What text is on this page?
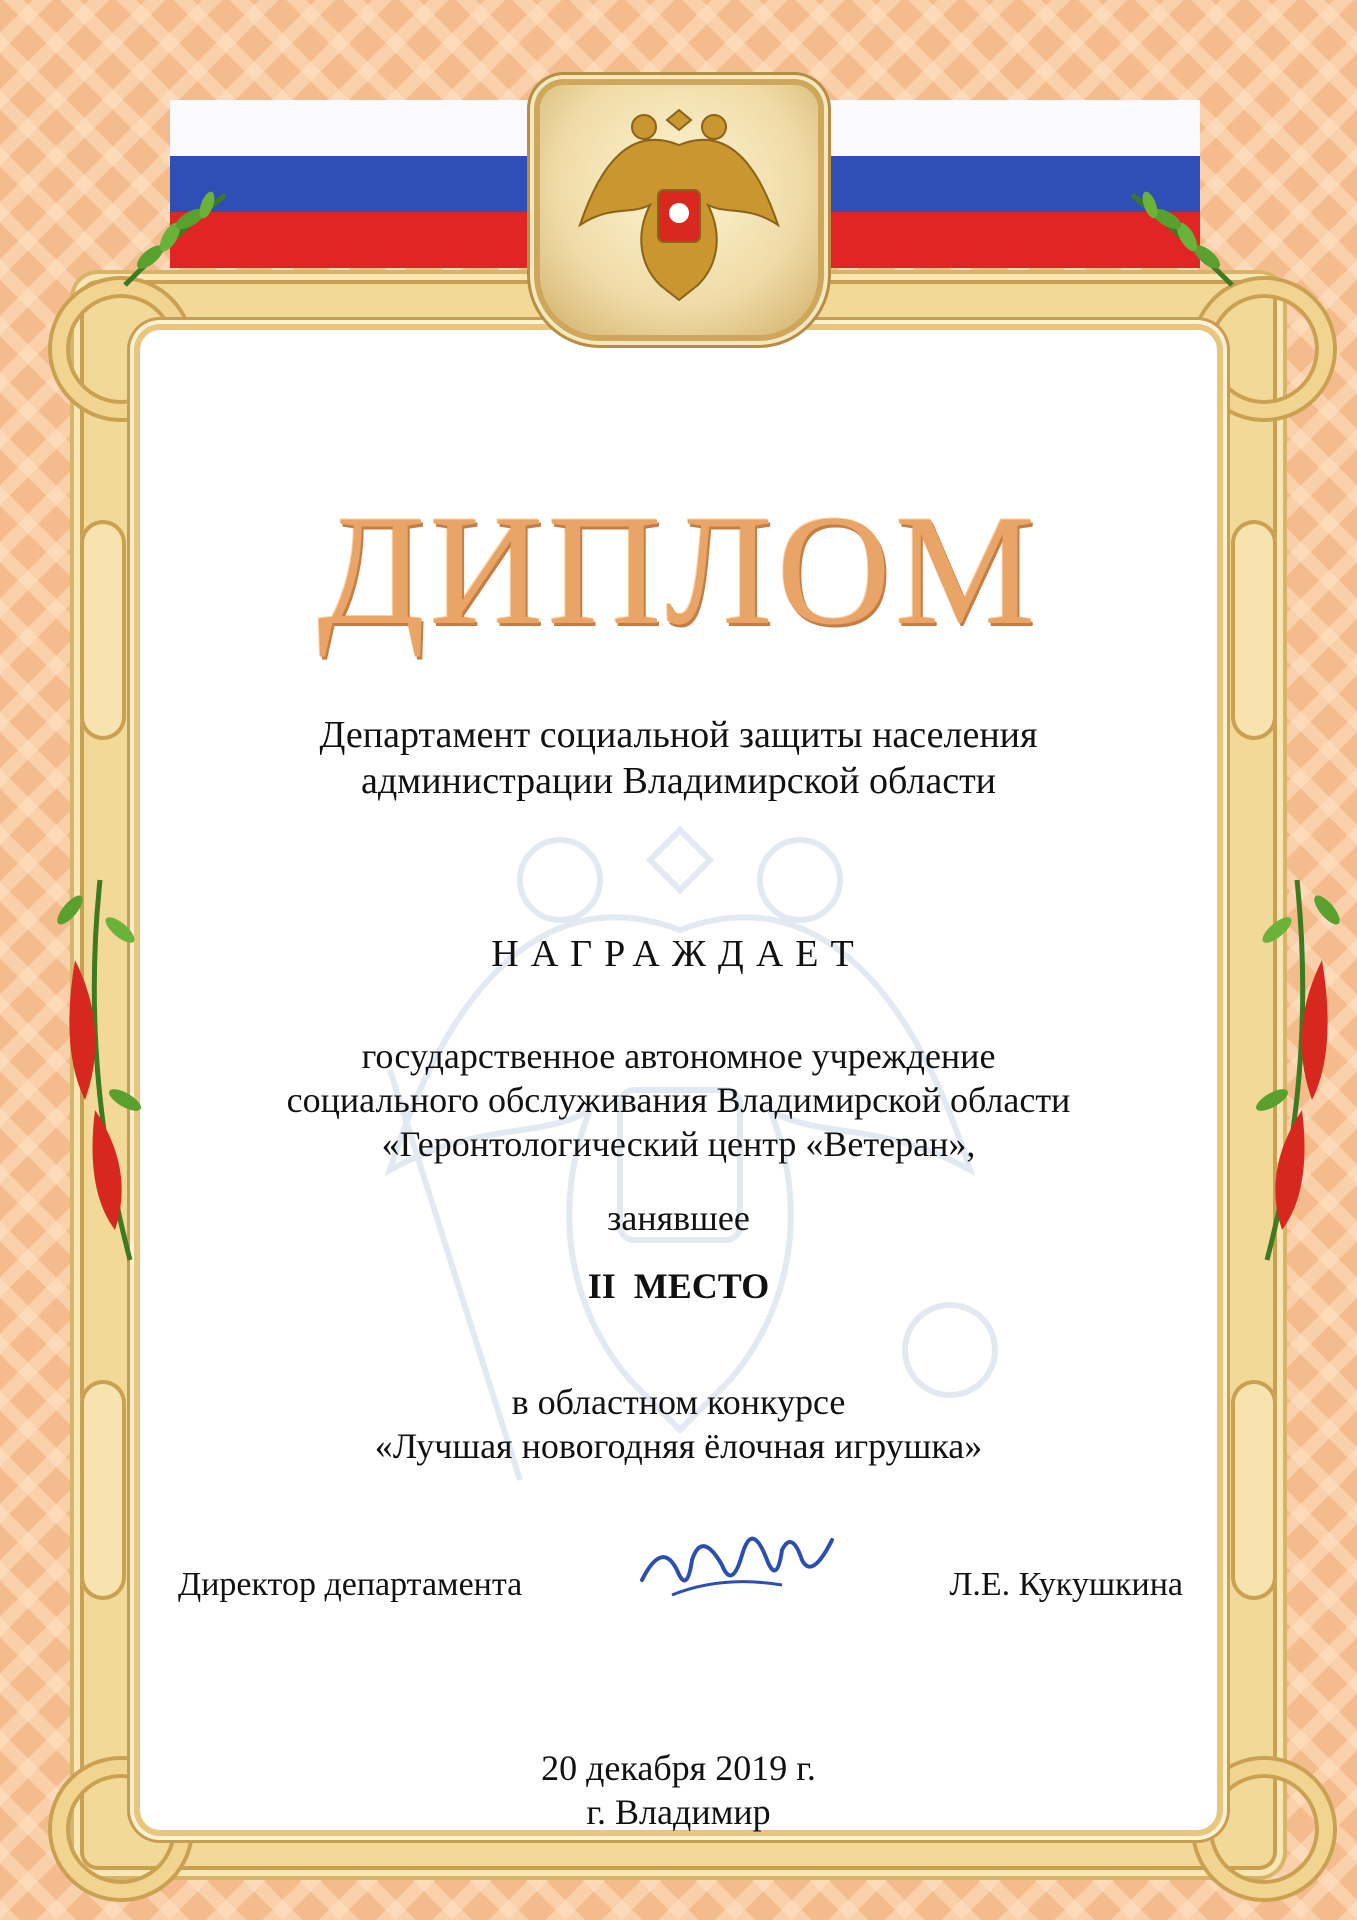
ДИПЛОМ
Департамент социальной защиты населения
администрации Владимирской области
НАГРАЖДАЕТ
государственное автономное учреждение
социального обслуживания Владимирской области
«Геронтологический центр «Ветеран»,
занявшее
II  МЕСТО
в областном конкурсе
«Лучшая новогодняя ёлочная игрушка»
Директор департамента	Л.Е. Кукушкина
20 декабря 2019 г.
г. Владимир
